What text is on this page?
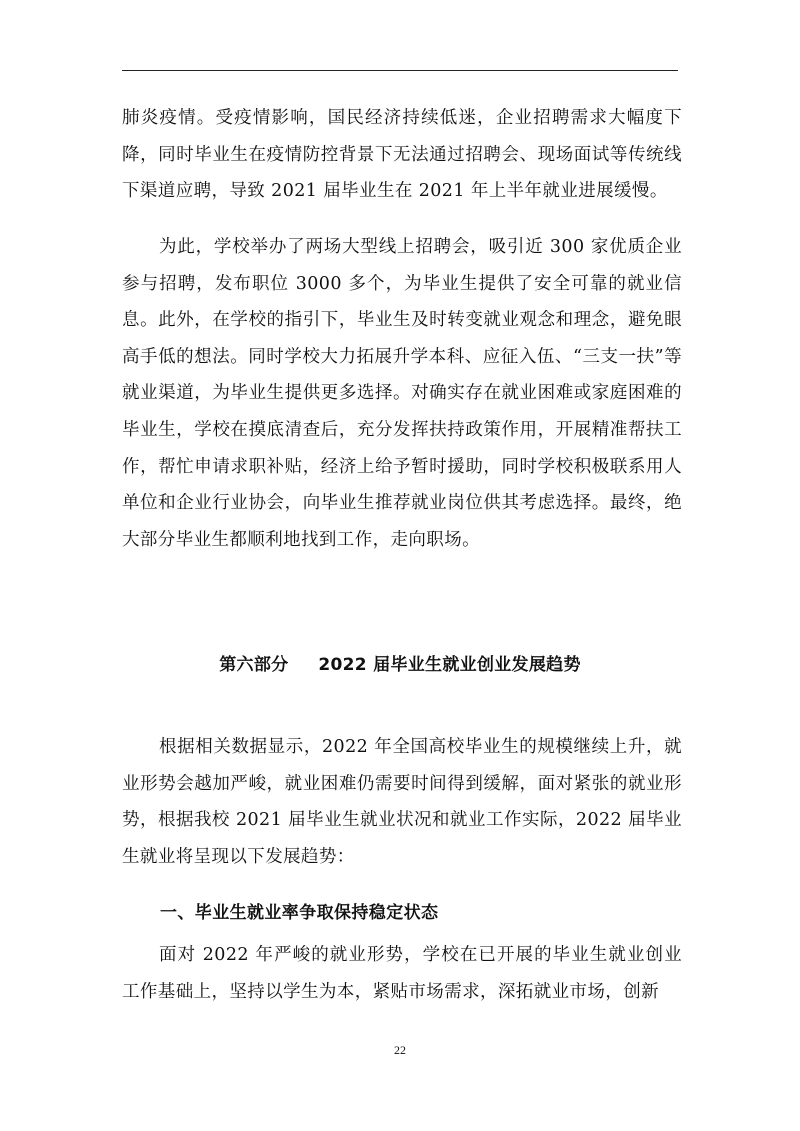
肺炎疫情。受疫情影响，国民经济持续低迷，企业招聘需求大幅度下降，同时毕业生在疫情防控背景下无法通过招聘会、现场面试等传统线下渠道应聘，导致 2021 届毕业生在 2021 年上半年就业进展缓慢。

为此，学校举办了两场大型线上招聘会，吸引近 300 家优质企业参与招聘，发布职位 3000 多个，为毕业生提供了安全可靠的就业信息。此外，在学校的指引下，毕业生及时转变就业观念和理念，避免眼高手低的想法。同时学校大力拓展升学本科、应征入伍、“三支一扶”等就业渠道，为毕业生提供更多选择。对确实存在就业困难或家庭困难的毕业生，学校在摸底清查后，充分发挥扶持政策作用，开展精准帮扶工作，帮忙申请求职补贴，经济上给予暂时援助，同时学校积极联系用人单位和企业行业协会，向毕业生推荐就业岗位供其考虑选择。最终，绝大部分毕业生都顺利地找到工作，走向职场。

第六部分 2022 届毕业生就业创业发展趋势

根据相关数据显示，2022 年全国高校毕业生的规模继续上升，就业形势会越加严峻，就业困难仍需要时间得到缓解，面对紧张的就业形势，根据我校 2021 届毕业生就业状况和就业工作实际，2022 届毕业生就业将呈现以下发展趋势：

一、毕业生就业率争取保持稳定状态

面对 2022 年严峻的就业形势，学校在已开展的毕业生就业创业工作基础上，坚持以学生为本，紧贴市场需求，深拓就业市场，创新

22
